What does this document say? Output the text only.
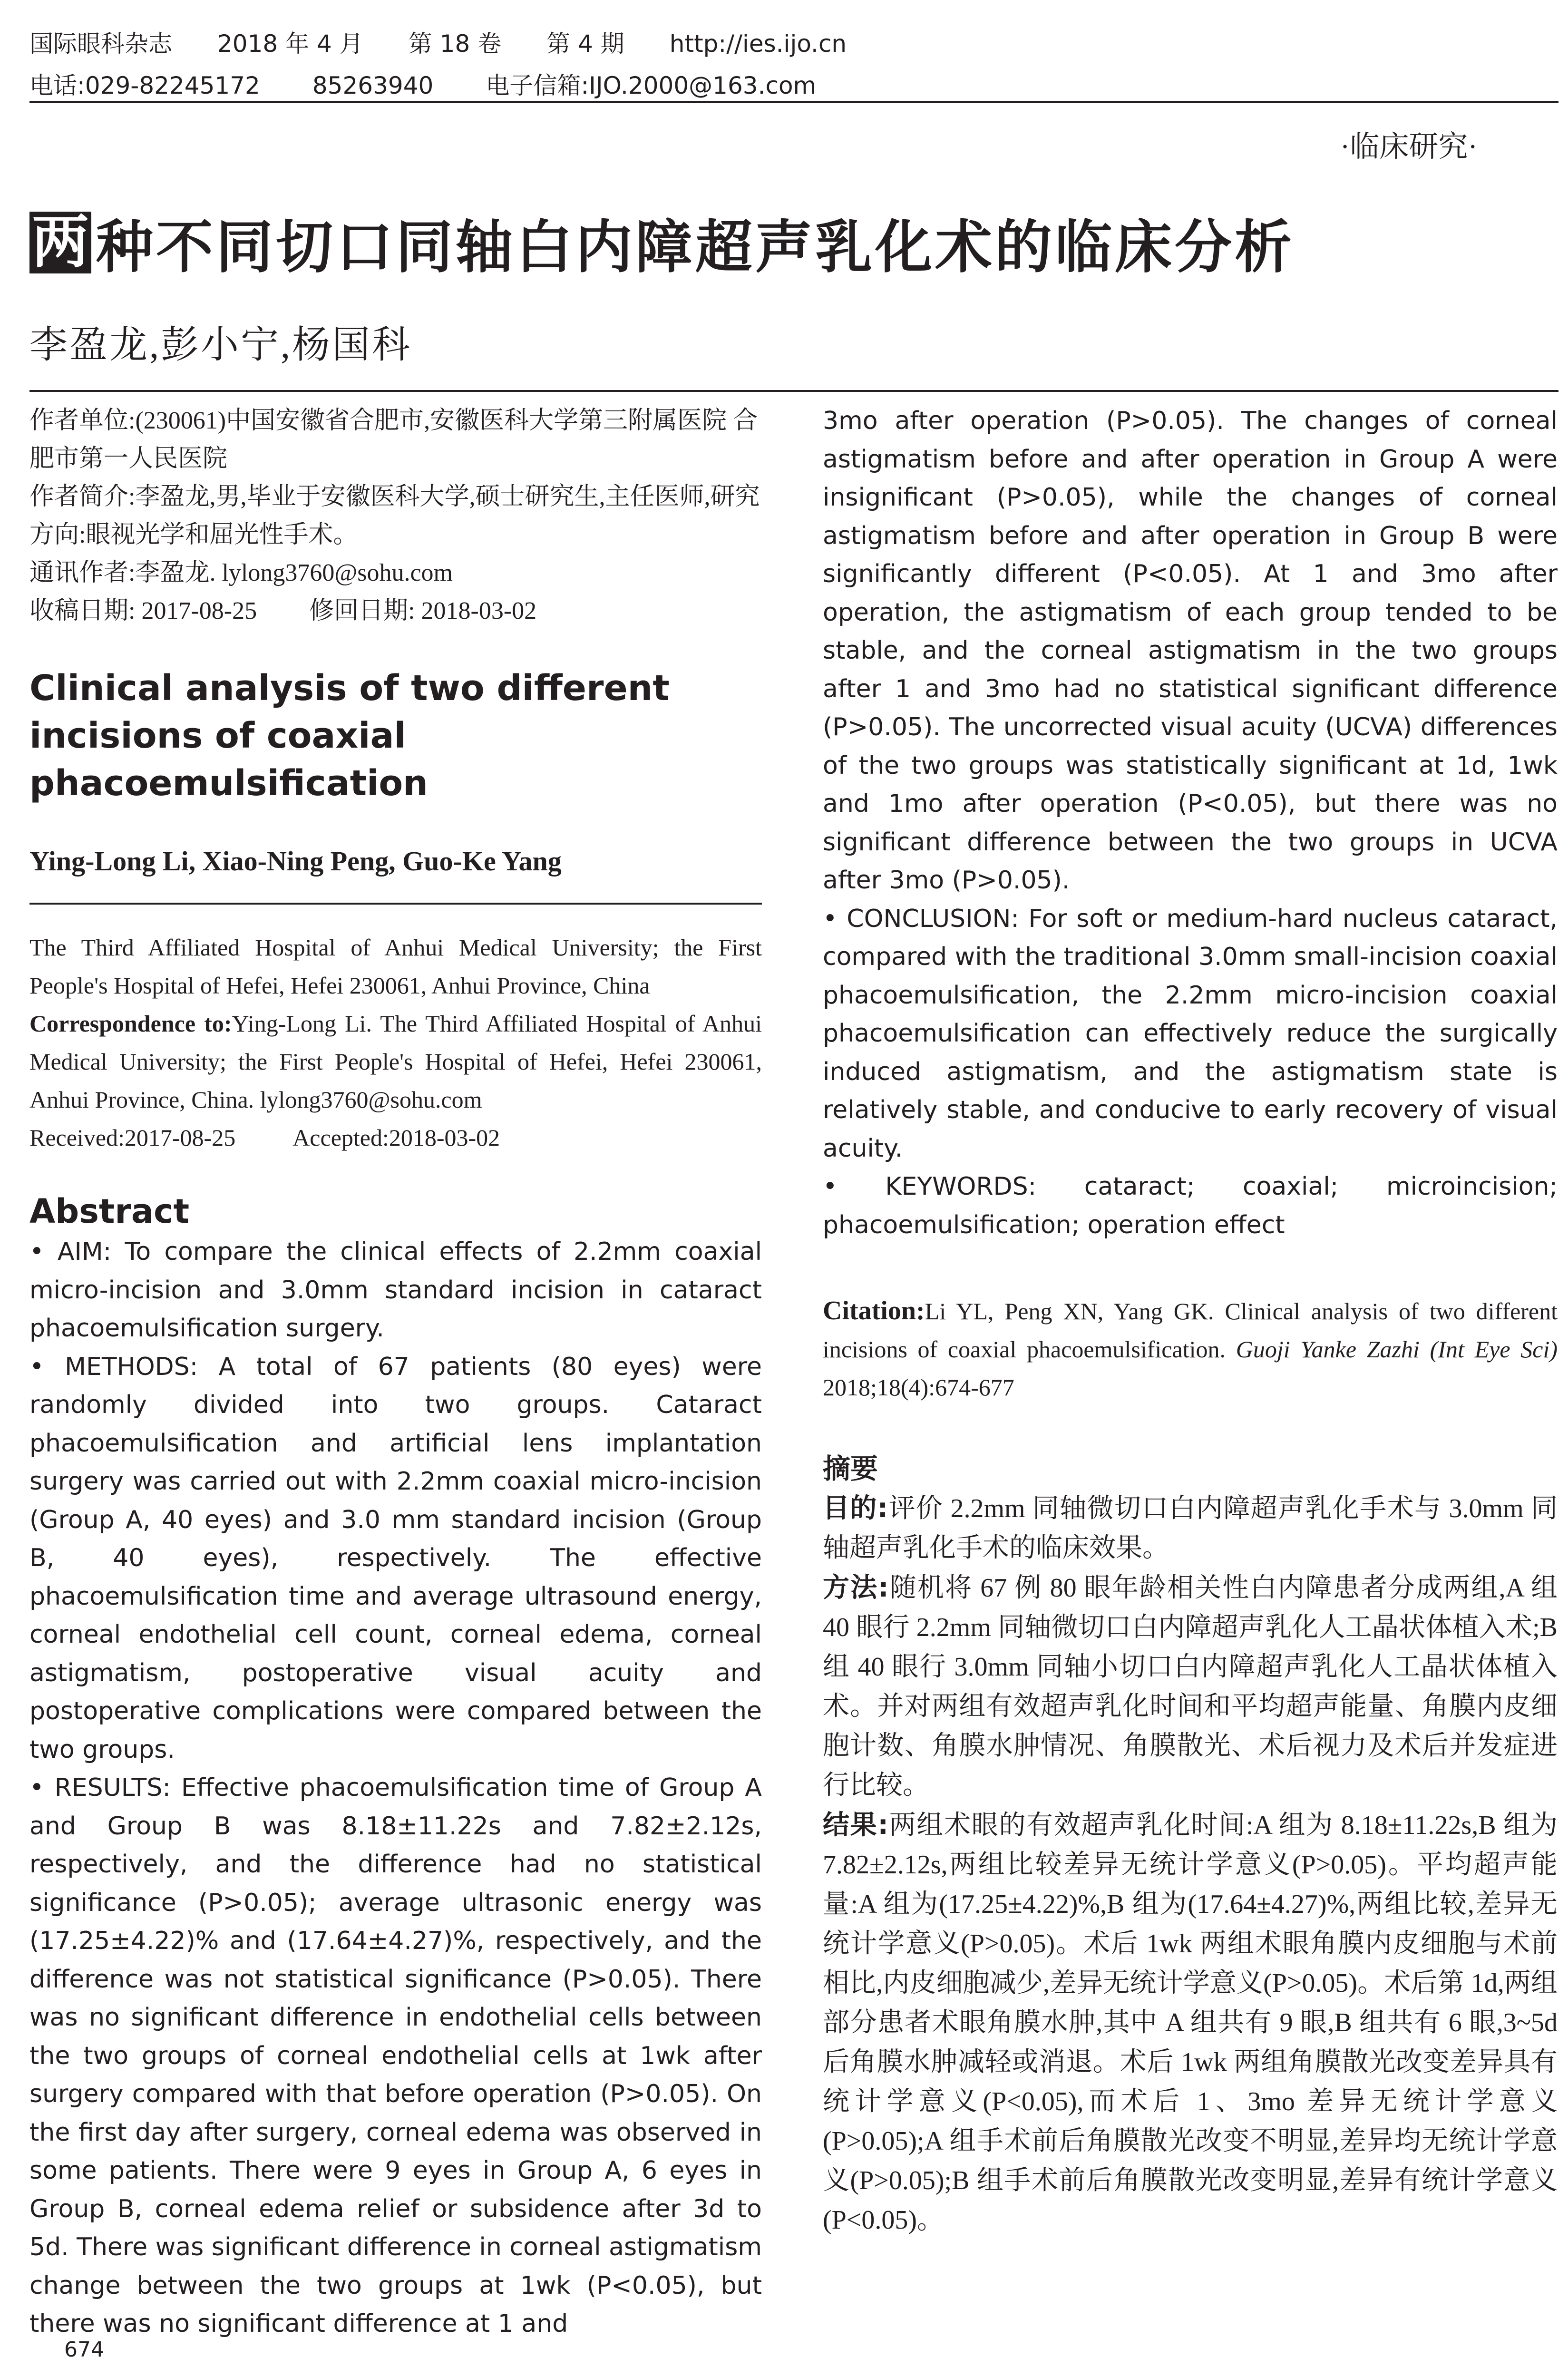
国际眼科杂志 2018 年 4 月 第 18 卷 第 4 期 http://ies.ijo.cn
电话:029-82245172 85263940 电子信箱:IJO.2000@163.com
·临床研究·
两 种不同切口同轴白内障超声乳化术的临床分析
李盈龙,彭小宁,杨国科

作者单位:(230061)中国安徽省合肥市,安徽医科大学第三附属医院 合肥市第一人民医院

作者简介:李盈龙,男,毕业于安徽医科大学,硕士研究生,主任医师,研究方向:眼视光学和屈光性手术。

通讯作者:李盈龙. lylong3760@sohu.com

收稿日期: 2017-08-25 修回日期: 2018-03-02

Clinical analysis of two different incisions of coaxial phacoemulsification

Ying-Long Li, Xiao-Ning Peng, Guo-Ke Yang

The Third Affiliated Hospital of Anhui Medical University; the First People's Hospital of Hefei, Hefei 230061, Anhui Province, China

Correspondence to:Ying-Long Li. The Third Affiliated Hospital of Anhui Medical University; the First People's Hospital of Hefei, Hefei 230061, Anhui Province, China. lylong3760@sohu.com

Received:2017-08-25 Accepted:2018-03-02

Abstract

• AIM: To compare the clinical effects of 2.2mm coaxial micro-incision and 3.0mm standard incision in cataract phacoemulsification surgery.

• METHODS: A total of 67 patients (80 eyes) were randomly divided into two groups. Cataract phacoemulsification and artificial lens implantation surgery was carried out with 2.2mm coaxial micro-incision (Group A, 40 eyes) and 3.0 mm standard incision (Group B, 40 eyes), respectively. The effective phacoemulsification time and average ultrasound energy, corneal endothelial cell count, corneal edema, corneal astigmatism, postoperative visual acuity and postoperative complications were compared between the two groups.

• RESULTS: Effective phacoemulsification time of Group A and Group B was 8.18±11.22s and 7.82±2.12s, respectively, and the difference had no statistical significance (P>0.05); average ultrasonic energy was (17.25±4.22)% and (17.64±4.27)%, respectively, and the difference was not statistical significance (P>0.05). There was no significant difference in endothelial cells between the two groups of corneal endothelial cells at 1wk after surgery compared with that before operation (P>0.05). On the first day after surgery, corneal edema was observed in some patients. There were 9 eyes in Group A, 6 eyes in Group B, corneal edema relief or subsidence after 3d to 5d. There was significant difference in corneal astigmatism change between the two groups at 1wk (P<0.05), but there was no significant difference at 1 and

3mo after operation (P>0.05). The changes of corneal astigmatism before and after operation in Group A were insignificant (P>0.05), while the changes of corneal astigmatism before and after operation in Group B were significantly different (P<0.05). At 1 and 3mo after operation, the astigmatism of each group tended to be stable, and the corneal astigmatism in the two groups after 1 and 3mo had no statistical significant difference (P>0.05). The uncorrected visual acuity (UCVA) differences of the two groups was statistically significant at 1d, 1wk and 1mo after operation (P<0.05), but there was no significant difference between the two groups in UCVA after 3mo (P>0.05).

• CONCLUSION: For soft or medium-hard nucleus cataract, compared with the traditional 3.0mm small-incision coaxial phacoemulsification, the 2.2mm micro-incision coaxial phacoemulsification can effectively reduce the surgically induced astigmatism, and the astigmatism state is relatively stable, and conducive to early recovery of visual acuity.

• KEYWORDS: cataract; coaxial; microincision; phacoemulsification; operation effect

Citation:Li YL, Peng XN, Yang GK. Clinical analysis of two different incisions of coaxial phacoemulsification. Guoji Yanke Zazhi (Int Eye Sci) 2018;18(4):674-677

摘要

目的:评价 2.2mm 同轴微切口白内障超声乳化手术与 3.0mm 同轴超声乳化手术的临床效果。

方法:随机将 67 例 80 眼年龄相关性白内障患者分成两组,A 组 40 眼行 2.2mm 同轴微切口白内障超声乳化人工晶状体植入术;B 组 40 眼行 3.0mm 同轴小切口白内障超声乳化人工晶状体植入术。并对两组有效超声乳化时间和平均超声能量、角膜内皮细胞计数、角膜水肿情况、角膜散光、术后视力及术后并发症进行比较。

结果:两组术眼的有效超声乳化时间:A 组为 8.18±11.22s,B 组为 7.82±2.12s,两组比较差异无统计学意义(P>0.05)。平均超声能量:A 组为(17.25±4.22)%,B 组为(17.64±4.27)%,两组比较,差异无统计学意义(P>0.05)。术后 1wk 两组术眼角膜内皮细胞与术前相比,内皮细胞减少,差异无统计学意义(P>0.05)。术后第 1d,两组部分患者术眼角膜水肿,其中 A 组共有 9 眼,B 组共有 6 眼,3~5d 后角膜水肿减轻或消退。术后 1wk 两组角膜散光改变差异具有统计学意义(P<0.05),而术后 1、3mo 差异无统计学意义(P>0.05);A 组手术前后角膜散光改变不明显,差异均无统计学意义(P>0.05);B 组手术前后角膜散光改变明显,差异有统计学意义(P<0.05)。

674
